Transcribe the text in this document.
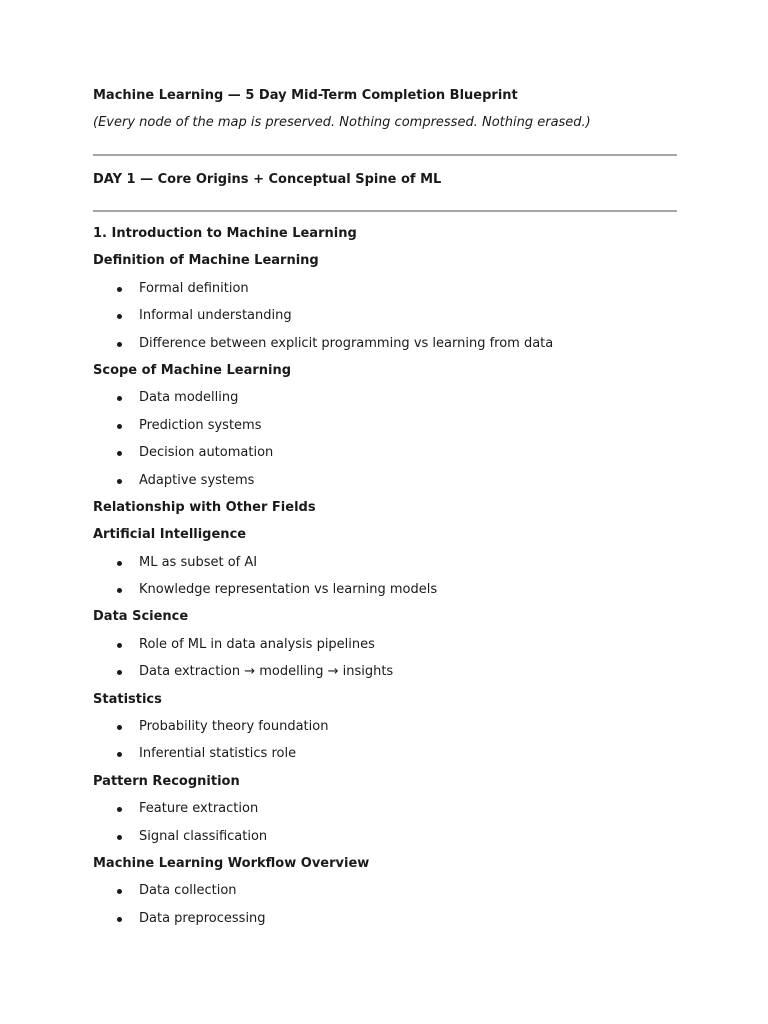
Machine Learning — 5 Day Mid-Term Completion Blueprint

(Every node of the map is preserved. Nothing compressed. Nothing erased.)

DAY 1 — Core Origins + Conceptual Spine of ML

1. Introduction to Machine Learning
Definition of Machine Learning
Formal definition
Informal understanding
Difference between explicit programming vs learning from data
Scope of Machine Learning
Data modelling
Prediction systems
Decision automation
Adaptive systems
Relationship with Other Fields
Artificial Intelligence
ML as subset of AI
Knowledge representation vs learning models
Data Science
Role of ML in data analysis pipelines
Data extraction → modelling → insights
Statistics
Probability theory foundation
Inferential statistics role
Pattern Recognition
Feature extraction
Signal classification
Machine Learning Workflow Overview
Data collection
Data preprocessing
